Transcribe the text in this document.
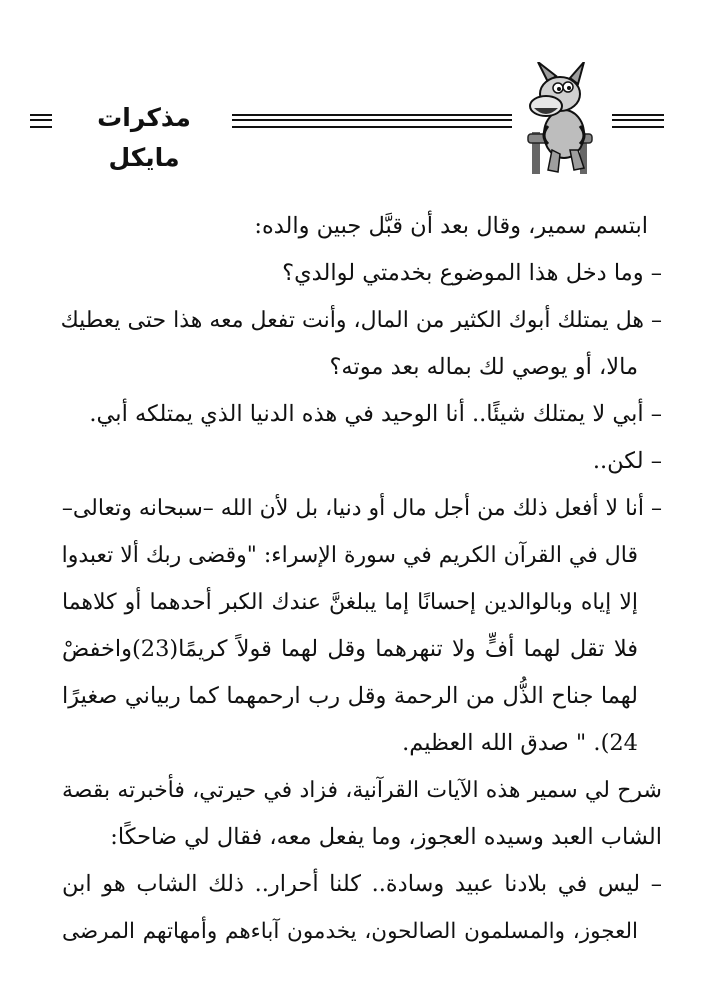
مذكرات مايكل
ابتسم سمير، وقال بعد أن قبَّل جبين والده:
– وما دخل هذا الموضوع بخدمتي لوالدي؟
– هل يمتلك أبوك الكثير من المال، وأنت تفعل معه هذا حتى يعطيك
مالا، أو يوصي لك بماله بعد موته؟
– أبي لا يمتلك شيئًا.. أنا الوحيد في هذه الدنيا الذي يمتلكه أبي.
– لكن..
– أنا لا أفعل ذلك من أجل مال أو دنيا، بل لأن الله –سبحانه وتعالى–
قال في القرآن الكريم في سورة الإسراء: "وقضى ربك ألا تعبدوا
إلا إياه وبالوالدين إحسانًا إما يبلغنَّ عندك الكبر أحدهما أو كلاهما
فلا تقل لهما أفٍّ ولا تنهرهما وقل لهما قولاً كريمًا(23)واخفضْ
لهما جناح الذُّل من الرحمة وقل رب ارحمهما كما ربياني صغيرًا
24). " صدق الله العظيم.
شرح لي سمير هذه الآيات القرآنية، فزاد في حيرتي، فأخبرته بقصة
الشاب العبد وسيده العجوز، وما يفعل معه، فقال لي ضاحكًا:
– ليس في بلادنا عبيد وسادة.. كلنا أحرار.. ذلك الشاب هو ابن
العجوز، والمسلمون الصالحون، يخدمون آباءهم وأمهاتهم المرضى
